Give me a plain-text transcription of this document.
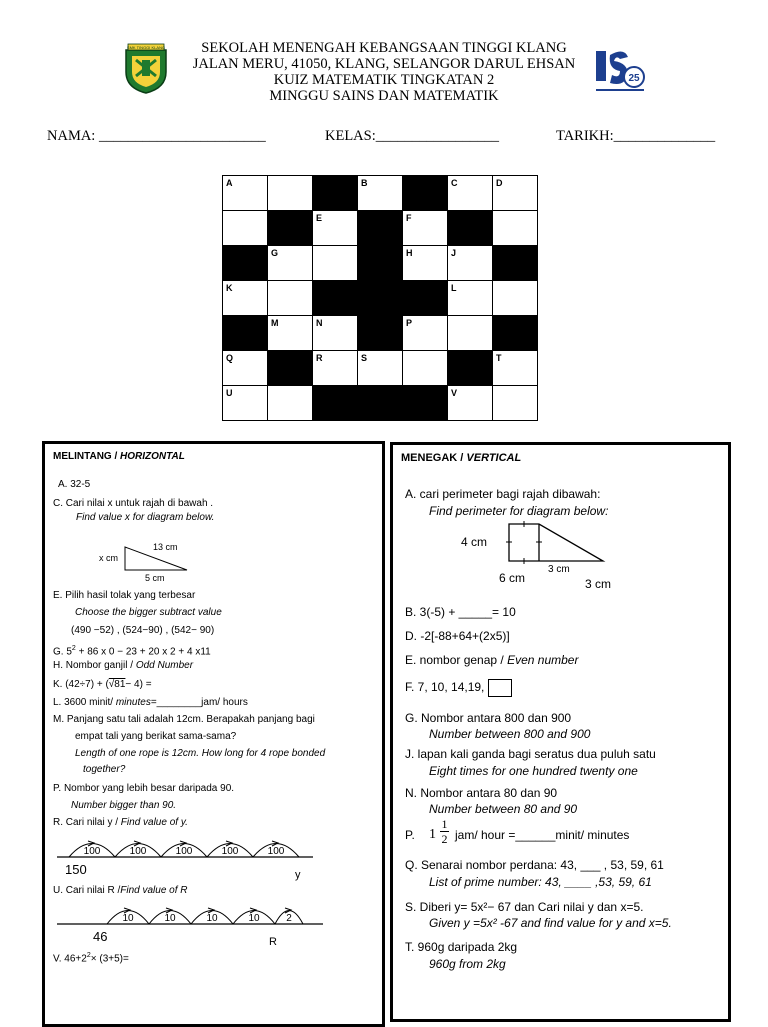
SMK TINGGI KLANG
25
SEKOLAH MENENGAH KEBANGSAAN TINGGI KLANG
JALAN MERU, 41050, KLANG, SELANGOR DARUL EHSAN
KUIZ MATEMATIK TINGKATAN 2
MINGGU SAINS DAN MATEMATIK
NAMA: _______________________	KELAS:_________________	TARIKH:______________
A			B		C	D

		E		F		

	G			H	J	

K					L	

	M	N		P		

Q		R	S			T

U					V	

MELINTANG / HORIZONTAL
A. 32-5
C. Cari nilai x untuk rajah di bawah .
Find value x for diagram below.
13 cm
x cm
5 cm
E. Pilih hasil tolak yang terbesar
Choose the bigger subtract value
(490 −52) , (524−90) , (542− 90)
G. $5^2 + 86$ x 0 − 23 + 20 x 2 + 4 x11
H. Nombor ganjil / Odd Number
K. (42÷7) + (√81− 4) =
L. 3600 minit/ minutes=________jam/ hours
M. Panjang satu tali adalah 12cm. Berapakah panjang bagi
empat tali yang berikat sama-sama?
Length of one rope is 12cm. How long for 4 rope bonded
together?
P. Nombor yang lebih besar daripada 90.
Number bigger than 90.
R. Cari nilai y / Find value of y.
100	100	100	100	100
150	y
U. Cari nilai R /Find value of R
10	10	10	10	2
46	R
V. $46+2^2\times (3+5)=$
MENEGAK / VERTICAL
A. cari perimeter bagi rajah dibawah:
Find perimeter for diagram below:
4 cm
3 cm
6 cm	3 cm
B. 3(-5) + _____= 10
D. -2[-88+64+(2x5)]
E. nombor genap / Even number
F. 7, 10, 14,19,
G. Nombor antara 800 dan 900
Number between 800 and 900
J. lapan kali ganda bagi seratus dua puluh satu
Eight times for one hundred twenty one
N. Nombor antara 80 dan 90
Number between 80 and 90
P. 1
1
2 jam/ hour =______minit/ minutes
Q. Senarai nombor perdana: 43, ___ , 53, 59, 61
List of prime number: 43, ____ ,53, 59, 61
S. Diberi y= 5x²− 67 dan Cari nilai y dan x=5.
Given y =5x² -67 and find value for y and x=5.
T. 960g daripada 2kg
960g from 2kg
